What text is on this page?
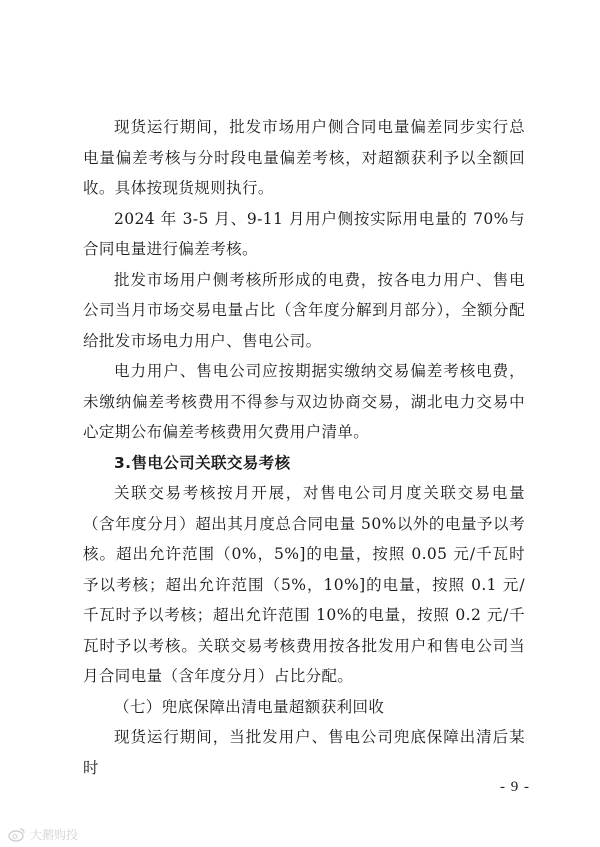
现货运行期间，批发市场用户侧合同电量偏差同步实行总电量偏差考核与分时段电量偏差考核，对超额获利予以全额回收。具体按现货规则执行。

2024 年 3-5 月、9-11 月用户侧按实际用电量的 70%与合同电量进行偏差考核。

批发市场用户侧考核所形成的电费，按各电力用户、售电公司当月市场交易电量占比（含年度分解到月部分），全额分配给批发市场电力用户、售电公司。

电力用户、售电公司应按期据实缴纳交易偏差考核电费，未缴纳偏差考核费用不得参与双边协商交易，湖北电力交易中心定期公布偏差考核费用欠费用户清单。

3.售电公司关联交易考核

关联交易考核按月开展，对售电公司月度关联交易电量（含年度分月）超出其月度总合同电量 50%以外的电量予以考核。超出允许范围（0%，5%]的电量，按照 0.05 元/千瓦时予以考核；超出允许范围（5%，10%]的电量，按照 0.1 元/千瓦时予以考核；超出允许范围 10%的电量，按照 0.2 元/千瓦时予以考核。关联交易考核费用按各批发用户和售电公司当月合同电量（含年度分月）占比分配。

（七）兜底保障出清电量超额获利回收

现货运行期间，当批发用户、售电公司兜底保障出清后某时

- 9 -
大鹅购投
